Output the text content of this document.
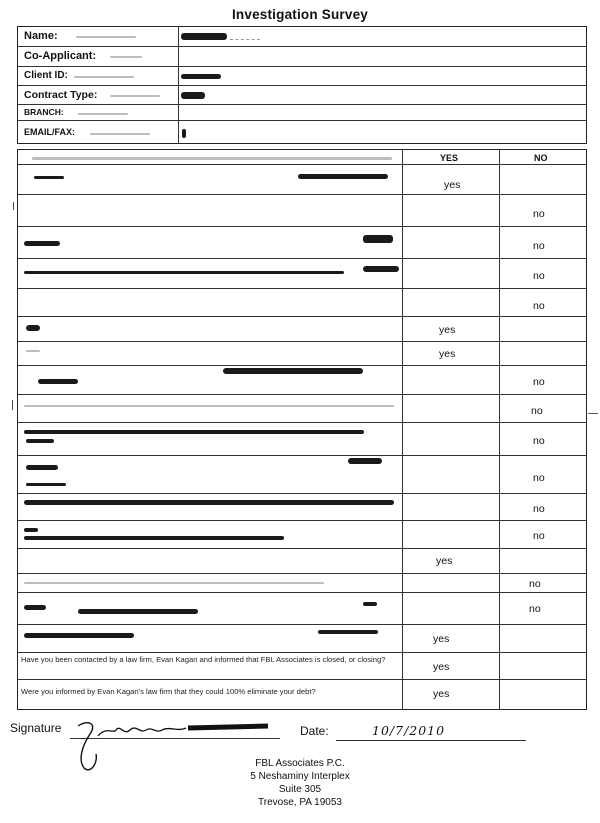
Investigation Survey
Name:
Co-Applicant:
Client ID:
Contract Type:
BRANCH:
EMAIL/FAX:
YES	NO
yes
no
no
no
no
yes
yes
no
no
no
no
no
no
yes
no
no
yes
Have you been contacted by a law firm, Evan Kagan and informed that FBL Associates is closed, or closing?
yes
Were you informed by Evan Kagan's law firm that they could 100% eliminate your debt?	yes
Signature	Date:	10/7/2010
FBL Associates P.C.
5 Neshaminy Interplex
Suite 305
Trevose, PA 19053
